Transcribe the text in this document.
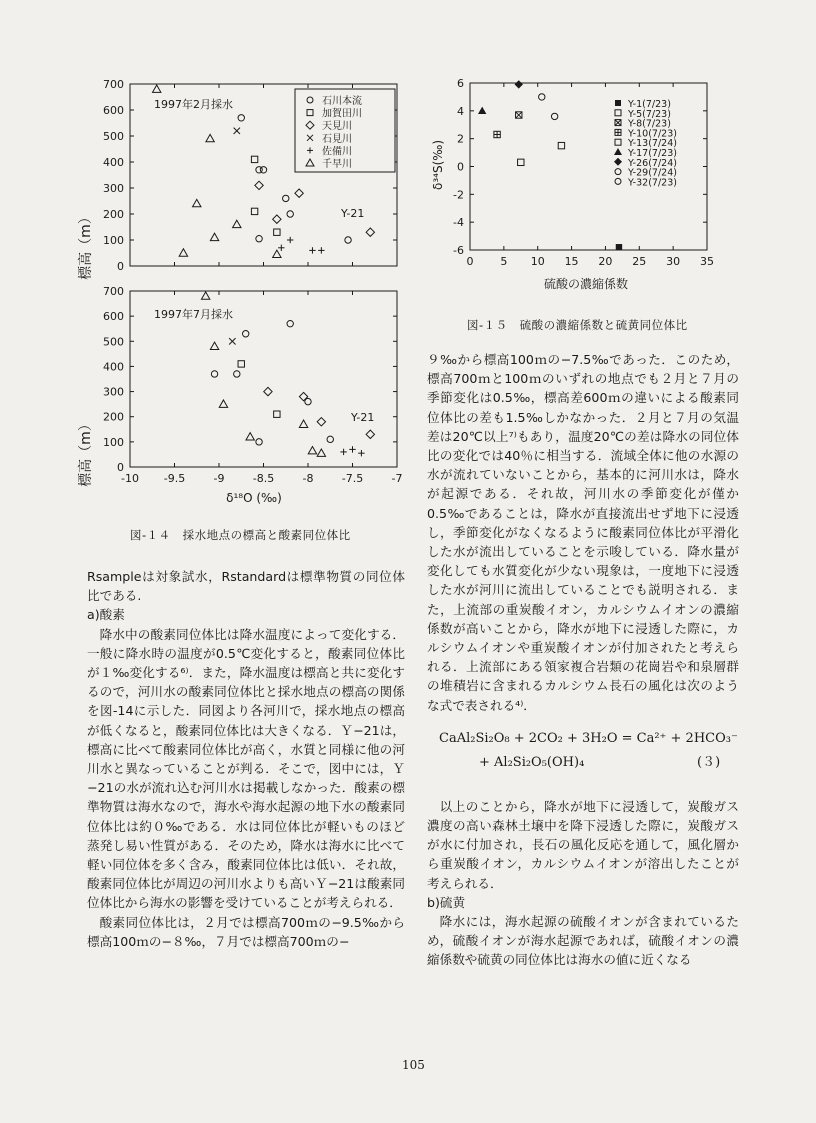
0
100
200
300
400
500
600
700
0
100
200
300
400
500
600
700
-10 -9.5	-9	-8.5	-8	-7.5	-7
石川本流
加賀田川
天見川
石見川
佐備川
千早川
標高（m）
標高（m）
1997年2月採水
1997年7月採水
Y-21
Y-21
δ¹⁸O (‰)
図-１４　採水地点の標高と酸素同位体比
-6
-4
-2
0
2
4
6
0 5 10 15 20 25 30 35
Y-1(7/23)
Y-5(7/23)
Y-8(7/23)
Y-10(7/23)
Y-13(7/24)
Y-17(7/23)
Y-26(7/24)
Y-29(7/24)
Y-32(7/23)
δ³⁴S(‰)
硫酸の濃縮係数
図-１５　硫酸の濃縮係数と硫黄同位体比

Rsampleは対象試水，Rstandardは標準物質の同位体比である.

a)酸素

降水中の酸素同位体比は降水温度によって変化する．一般に降水時の温度が0.5℃変化すると，酸素同位体比が１‰変化する⁶⁾．また，降水温度は標高と共に変化するので，河川水の酸素同位体比と採水地点の標高の関係を図-14に示した．同図より各河川で，採水地点の標高が低くなると，酸素同位体比は大きくなる．Ｙ−21は，標高に比べて酸素同位体比が高く，水質と同様に他の河川水と異なっていることが判る．そこで，図中には，Ｙ−21の水が流れ込む河川水は掲載しなかった．酸素の標準物質は海水なので，海水や海水起源の地下水の酸素同位体比は約０‰である．水は同位体比が軽いものほど蒸発し易い性質がある．そのため，降水は海水に比べて軽い同位体を多く含み，酸素同位体比は低い．それ故，酸素同位体比が周辺の河川水よりも高いＹ−21は酸素同位体比から海水の影響を受けていることが考えられる．

酸素同位体比は，２月では標高700ｍの−9.5‰から標高100ｍの−８‰，７月では標高700ｍの−

９‰から標高100ｍの−7.5‰であった．このため，標高700ｍと100ｍのいずれの地点でも２月と７月の季節変化は0.5‰，標高差600ｍの違いによる酸素同位体比の差も1.5‰しかなかった．２月と７月の気温差は20℃以上⁷⁾もあり，温度20℃の差は降水の同位体比の変化では40％に相当する．流域全体に他の水源の水が流れていないことから，基本的に河川水は，降水が起源である．それ故，河川水の季節変化が僅か0.5‰であることは，降水が直接流出せず地下に浸透し，季節変化がなくなるように酸素同位体比が平滑化した水が流出していることを示唆している．降水量が変化しても水質変化が少ない現象は，一度地下に浸透した水が河川に流出していることでも説明される．また，上流部の重炭酸イオン，カルシウムイオンの濃縮係数が高いことから，降水が地下に浸透した際に，カルシウムイオンや重炭酸イオンが付加されたと考えられる．上流部にある領家複合岩類の花崗岩や和泉層群の堆積岩に含まれるカルシウム長石の風化は次のような式で表される⁴⁾．

CaAl₂Si₂O₈ + 2CO₂ + 3H₂O = Ca²⁺ + 2HCO₃⁻
+ Al₂Si₂O₅(OH)₄	(３)

以上のことから，降水が地下に浸透して，炭酸ガス濃度の高い森林土壌中を降下浸透した際に，炭酸ガスが水に付加され，長石の風化反応を通して，風化層から重炭酸イオン，カルシウムイオンが溶出したことが考えられる．

b)硫黄

降水には，海水起源の硫酸イオンが含まれているため，硫酸イオンが海水起源であれば，硫酸イオンの濃縮係数や硫黄の同位体比は海水の値に近くなる

105
